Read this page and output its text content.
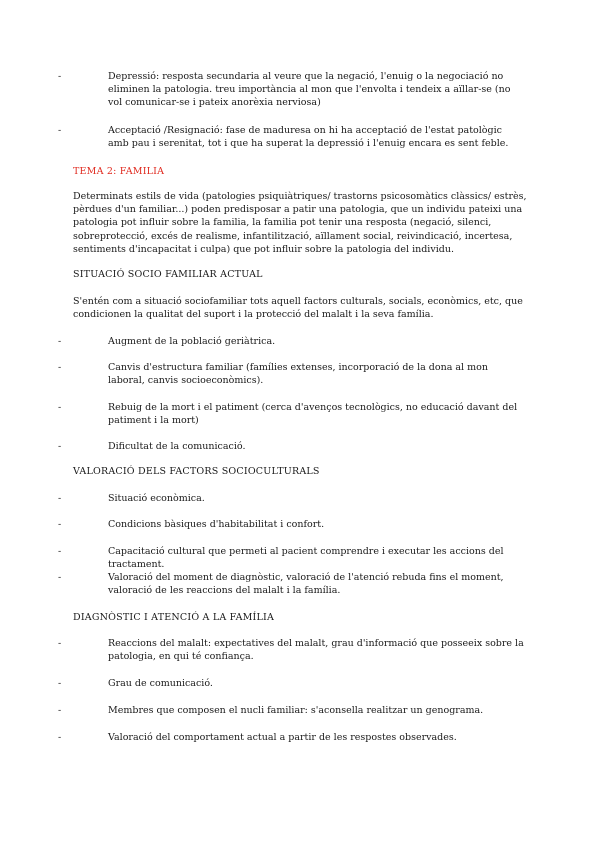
-	Depressió: resposta secundaria al veure que la negació, l'enuig o la negociació no eliminen la patologia. treu importància al mon que l'envolta i tendeix a aïllar-se (no vol comunicar-se i pateix anorèxia nerviosa)
-	Acceptació /Resignació: fase de maduresa on hi ha acceptació de l'estat patològic amb pau i serenitat, tot i que ha superat la depressió i l'enuig encara es sent feble.
TEMA 2: FAMILIA
Determinats estils de vida (patologies psiquiàtriques/ trastorns psicosomàtics clàssics/ estrès, pèrdues d'un familiar...) poden predisposar a patir una patologia, que un individu pateixi una patologia pot influir sobre la familia, la familia pot tenir una resposta (negació, silenci, sobreprotecció, excés de realisme, infantilització, aïllament social, reivindicació, incertesa, sentiments d'incapacitat i culpa) que pot influir sobre la patologia del individu.
SITUACIÓ SOCIO FAMILIAR ACTUAL
S'entén com a situació sociofamiliar tots aquell factors culturals, socials, econòmics, etc, que condicionen la qualitat del suport i la protecció del malalt i la seva família.
-	Augment de la població geriàtrica.
-	Canvis d'estructura familiar (famílies extenses, incorporació de la dona al mon laboral, canvis socioeconòmics).
-	Rebuig de la mort i el patiment (cerca d'avenços tecnològics, no educació davant del patiment i la mort)
-	Dificultat de la comunicació.
VALORACIÓ DELS FACTORS SOCIOCULTURALS
-	Situació econòmica.
-	Condicions bàsiques d'habitabilitat i confort.
-	Capacitació cultural que permeti al pacient comprendre i executar les accions del tractament.
-	Valoració del moment de diagnòstic, valoració de l'atenció rebuda fins el moment, valoració de les reaccions del malalt i la família.
DIAGNÒSTIC I ATENCIÓ A LA FAMÍLIA
-	Reaccions del malalt: expectatives del malalt, grau d'informació que posseeix sobre la patologia, en qui té confiança.
-	Grau de comunicació.
-	Membres que composen el nucli familiar: s'aconsella realitzar un genograma.
-	Valoració del comportament actual a partir de les respostes observades.
